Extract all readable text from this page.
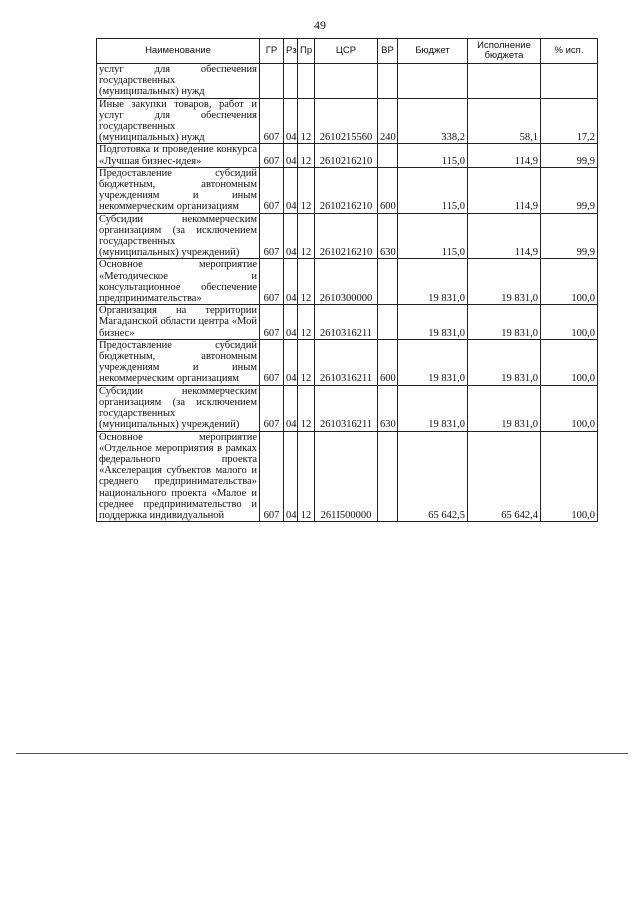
49
Наименование	ГР	Рз	Пр	ЦСР	ВР	Бюджет	Исполнение бюджета	% исп.
услуг для обеспечения государственных (муниципальных) нужд								
Иные закупки товаров, работ и услуг для обеспечения государственных (муниципальных) нужд	607	04	12	2610215560	240	338,2	58,1	17,2
Подготовка и проведение конкурса «Лучшая бизнес-идея»	607	04	12	2610216210		115,0	114,9	99,9
Предоставление субсидий бюджетным, автономным учреждениям и иным некоммерческим организациям	607	04	12	2610216210	600	115,0	114,9	99,9
Субсидии некоммерческим организациям (за исключением государственных (муниципальных) учреждений)	607	04	12	2610216210	630	115,0	114,9	99,9
Основное мероприятие «Методическое и консультационное обеспечение предпринимательства»	607	04	12	2610300000		19 831,0	19 831,0	100,0
Организация на территории Магаданской области центра «Мой бизнес»	607	04	12	2610316211		19 831,0	19 831,0	100,0
Предоставление субсидий бюджетным, автономным учреждениям и иным некоммерческим организациям	607	04	12	2610316211	600	19 831,0	19 831,0	100,0
Субсидии некоммерческим организациям (за исключением государственных (муниципальных) учреждений)	607	04	12	2610316211	630	19 831,0	19 831,0	100,0
Основное мероприятие «Отдельное мероприятия в рамках федерального проекта «Акселерация субъектов малого и среднего предпринимательства» национального проекта «Малое и среднее предпринимательство и поддержка индивидуальной	607	04	12	261I500000		65 642,5	65 642,4	100,0
